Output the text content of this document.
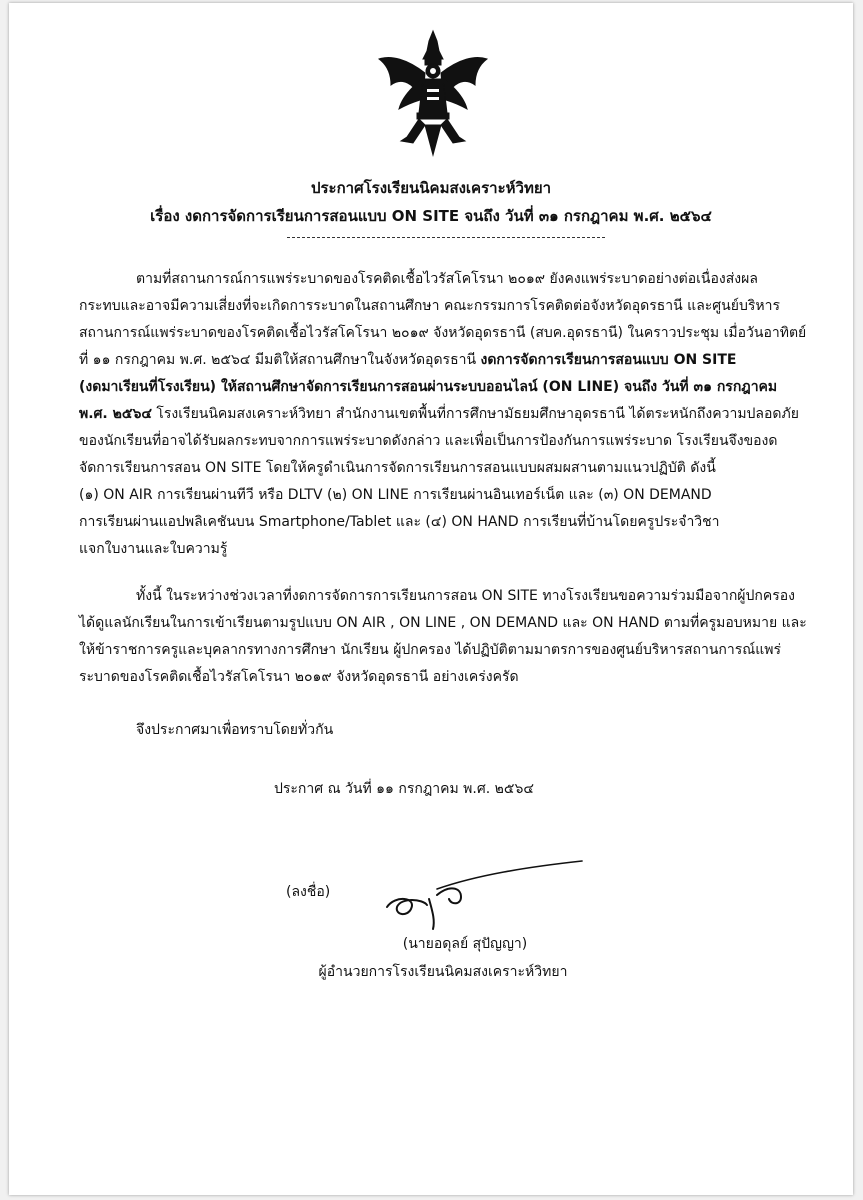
ประกาศโรงเรียนนิคมสงเคราะห์วิทยา
เรื่อง งดการจัดการเรียนการสอนแบบ ON SITE จนถึง วันที่ ๓๑ กรกฎาคม พ.ศ. ๒๕๖๔
ตามที่สถานการณ์การแพร่ระบาดของโรคติดเชื้อไวรัสโคโรนา ๒๐๑๙ ยังคงแพร่ระบาดอย่างต่อเนื่องส่งผล
กระทบและอาจมีความเสี่ยงที่จะเกิดการระบาดในสถานศึกษา คณะกรรมการโรคติดต่อจังหวัดอุดรธานี และศูนย์บริหาร
สถานการณ์แพร่ระบาดของโรคติดเชื้อไวรัสโคโรนา ๒๐๑๙ จังหวัดอุดรธานี (สบค.อุดรธานี) ในคราวประชุม เมื่อวันอาทิตย์
ที่ ๑๑ กรกฎาคม พ.ศ. ๒๕๖๔ มีมติให้สถานศึกษาในจังหวัดอุดรธานี งดการจัดการเรียนการสอนแบบ ON SITE
(งดมาเรียนที่โรงเรียน) ให้สถานศึกษาจัดการเรียนการสอนผ่านระบบออนไลน์ (ON LINE) จนถึง วันที่ ๓๑ กรกฎาคม
พ.ศ. ๒๕๖๔ โรงเรียนนิคมสงเคราะห์วิทยา สำนักงานเขตพื้นที่การศึกษามัธยมศึกษาอุดรธานี ได้ตระหนักถึงความปลอดภัย
ของนักเรียนที่อาจได้รับผลกระทบจากการแพร่ระบาดดังกล่าว และเพื่อเป็นการป้องกันการแพร่ระบาด โรงเรียนจึงของด
จัดการเรียนการสอน ON SITE โดยให้ครูดำเนินการจัดการเรียนการสอนแบบผสมผสานตามแนวปฏิบัติ ดังนี้
(๑) ON AIR การเรียนผ่านทีวี หรือ DLTV (๒) ON LINE การเรียนผ่านอินเทอร์เน็ต และ (๓) ON DEMAND
การเรียนผ่านแอปพลิเคชันบน Smartphone/Tablet และ (๔) ON HAND การเรียนที่บ้านโดยครูประจำวิชา
แจกใบงานและใบความรู้
ทั้งนี้ ในระหว่างช่วงเวลาที่งดการจัดการการเรียนการสอน ON SITE ทางโรงเรียนขอความร่วมมือจากผู้ปกครอง
ได้ดูแลนักเรียนในการเข้าเรียนตามรูปแบบ ON AIR , ON LINE , ON DEMAND และ ON HAND ตามที่ครูมอบหมาย และ
ให้ข้าราชการครูและบุคลากรทางการศึกษา นักเรียน ผู้ปกครอง ได้ปฏิบัติตามมาตรการของศูนย์บริหารสถานการณ์แพร่
ระบาดของโรคติดเชื้อไวรัสโคโรนา ๒๐๑๙ จังหวัดอุดรธานี อย่างเคร่งครัด
จึงประกาศมาเพื่อทราบโดยทั่วกัน
ประกาศ ณ วันที่ ๑๑ กรกฎาคม พ.ศ. ๒๕๖๔
(ลงชื่อ)
(นายอดุลย์ สุปัญญา)
ผู้อำนวยการโรงเรียนนิคมสงเคราะห์วิทยา
